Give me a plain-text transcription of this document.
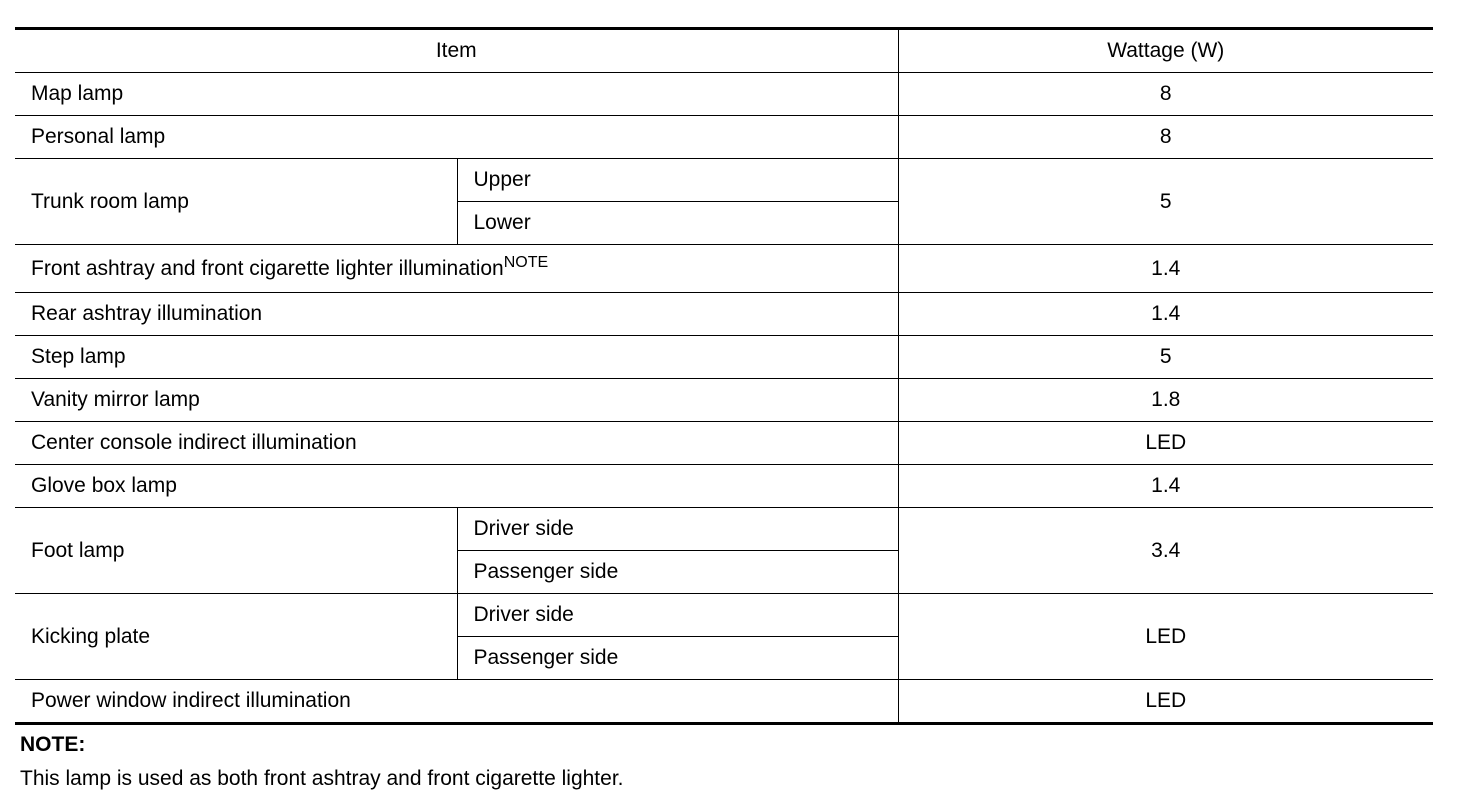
Item		Wattage (W)
Map lamp		8
Personal lamp		8
Trunk room lamp	Upper	5
	Lower	
Front ashtray and front cigarette lighter illumination$^{NOTE}$		1.4
Rear ashtray illumination		1.4
Step lamp		5
Vanity mirror lamp		1.8
Center console indirect illumination		LED
Glove box lamp		1.4
Foot lamp	Driver side	3.4
	Passenger side	
Kicking plate	Driver side	LED
	Passenger side	
Power window indirect illumination		LED
NOTE:
This lamp is used as both front ashtray and front cigarette lighter.
